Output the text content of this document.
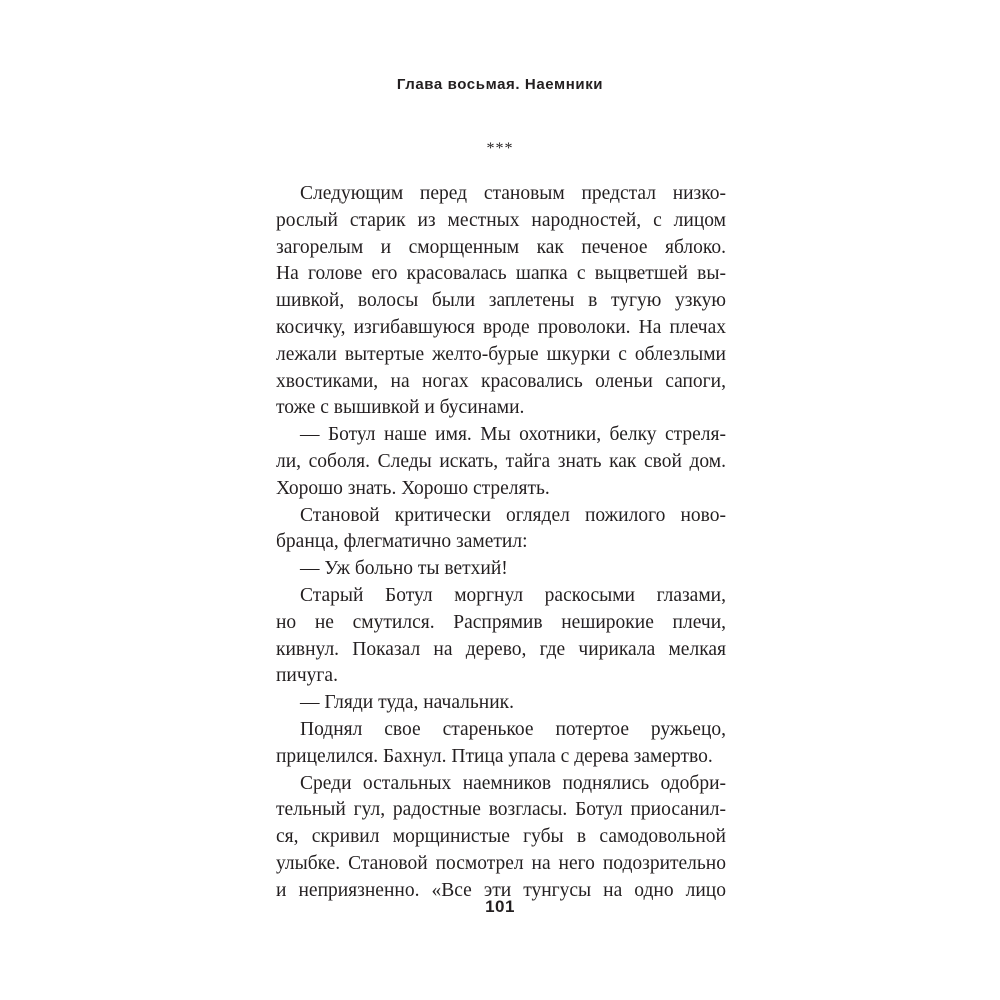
Глава восьмая. Наемники
***
Следующим перед становым предстал низко-
рослый старик из местных народностей, с лицом
загорелым и сморщенным как печеное яблоко.
На голове его красовалась шапка с выцветшей вы-
шивкой, волосы были заплетены в тугую узкую
косичку, изгибавшуюся вроде проволоки. На плечах
лежали вытертые желто-бурые шкурки с облезлыми
хвостиками, на ногах красовались оленьи сапоги,
тоже с вышивкой и бусинами.
— Ботул наше имя. Мы охотники, белку стреля-
ли, соболя. Следы искать, тайга знать как свой дом.
Хорошо знать. Хорошо стрелять.
Становой критически оглядел пожилого ново-
бранца, флегматично заметил:
— Уж больно ты ветхий!
Старый Ботул моргнул раскосыми глазами,
но не смутился. Распрямив неширокие плечи,
кивнул. Показал на дерево, где чирикала мелкая
пичуга.
— Гляди туда, начальник.
Поднял свое старенькое потертое ружьецо,
прицелился. Бахнул. Птица упала с дерева замертво.
Среди остальных наемников поднялись одобри-
тельный гул, радостные возгласы. Ботул приосанил-
ся, скривил морщинистые губы в самодовольной
улыбке. Становой посмотрел на него подозрительно
и неприязненно. «Все эти тунгусы на одно лицо
101
